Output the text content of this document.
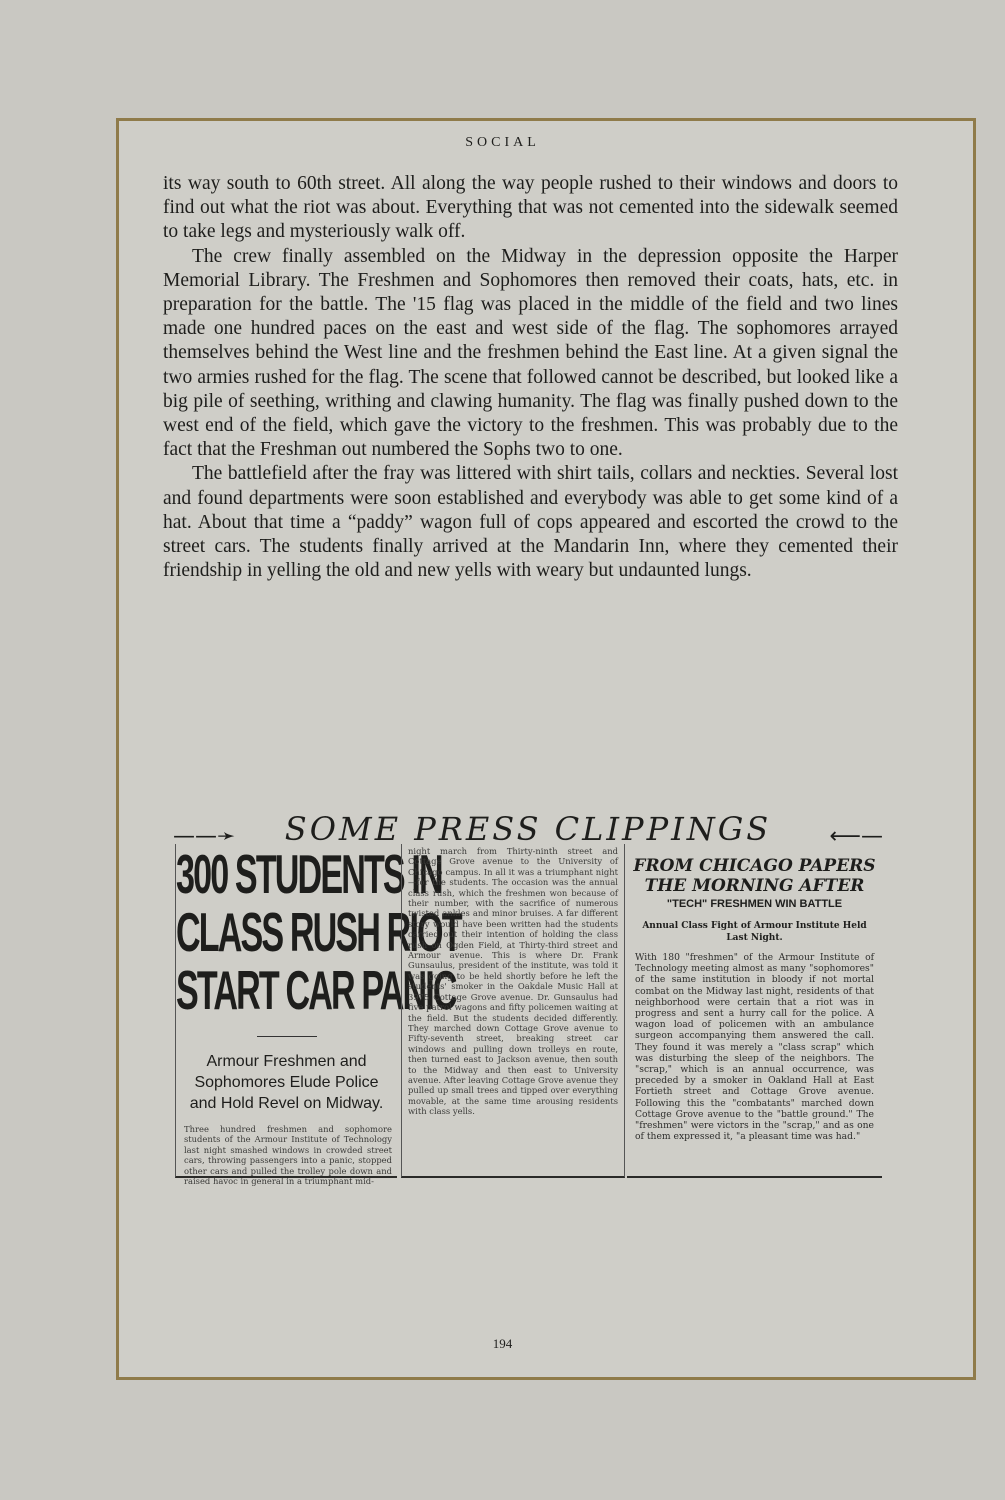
SOCIAL

its way south to 60th street. All along the way people rushed to their windows and doors to find out what the riot was about. Everything that was not cemented into the sidewalk seemed to take legs and mysteriously walk off.

The crew finally assembled on the Midway in the depression opposite the Harper Memorial Library. The Freshmen and Sophomores then removed their coats, hats, etc. in preparation for the battle. The '15 flag was placed in the middle of the field and two lines made one hundred paces on the east and west side of the flag. The sophomores arrayed themselves behind the West line and the freshmen behind the East line. At a given signal the two armies rushed for the flag. The scene that followed cannot be described, but looked like a big pile of seething, writhing and clawing humanity. The flag was finally pushed down to the west end of the field, which gave the victory to the freshmen. This was probably due to the fact that the Freshman out numbered the Sophs two to one.

The battlefield after the fray was littered with shirt tails, collars and neckties. Several lost and found departments were soon established and everybody was able to get some kind of a hat. About that time a “paddy” wagon full of cops appeared and escorted the crowd to the street cars. The students finally arrived at the Mandarin Inn, where they cemented their friendship in yelling the old and new yells with weary but undaunted lungs.

——➛	SOME PRESS CLIPPINGS	⟵—
300 STUDENTS IN
CLASS RUSH RIOT
START CAR PANIC
Armour Freshmen and Sophomores Elude Police and Hold Revel on Midway.
Three hundred freshmen and sophomore students of the Armour Institute of Technology last night smashed windows in crowded street cars, throwing passengers into a panic, stopped other cars and pulled the trolley pole down and raised havoc in general in a triumphant mid-
night march from Thirty-ninth street and Cottage Grove avenue to the University of Chicago campus. In all it was a triumphant night—for the students. The occasion was the annual class rush, which the freshmen won because of their number, with the sacrifice of numerous twisted ankles and minor bruises. A far different story would have been written had the students carried out their intention of holding the class rush on Ogden Field, at Thirty-third street and Armour avenue. This is where Dr. Frank Gunsaulus, president of the institute, was told it was going to be held shortly before he left the students' smoker in the Oakdale Music Hall at 3975 Cottage Grove avenue. Dr. Gunsaulus had five patrol wagons and fifty policemen waiting at the field. But the students decided differently. They marched down Cottage Grove avenue to Fifty-seventh street, breaking street car windows and pulling down trolleys en route, then turned east to Jackson avenue, then south to the Midway and then east to University avenue. After leaving Cottage Grove avenue they pulled up small trees and tipped over everything movable, at the same time arousing residents with class yells.
FROM CHICAGO PAPERS THE MORNING AFTER
"TECH" FRESHMEN WIN BATTLE
Annual Class Fight of Armour Institute Held Last Night.
With 180 "freshmen" of the Armour Institute of Technology meeting almost as many "sophomores" of the same institution in bloody if not mortal combat on the Midway last night, residents of that neighborhood were certain that a riot was in progress and sent a hurry call for the police. A wagon load of policemen with an ambulance surgeon accompanying them answered the call. They found it was merely a "class scrap" which was disturbing the sleep of the neighbors. The "scrap," which is an annual occurrence, was preceded by a smoker in Oakland Hall at East Fortieth street and Cottage Grove avenue. Following this the "combatants" marched down Cottage Grove avenue to the "battle ground." The "freshmen" were victors in the "scrap," and as one of them expressed it, "a pleasant time was had."
194
